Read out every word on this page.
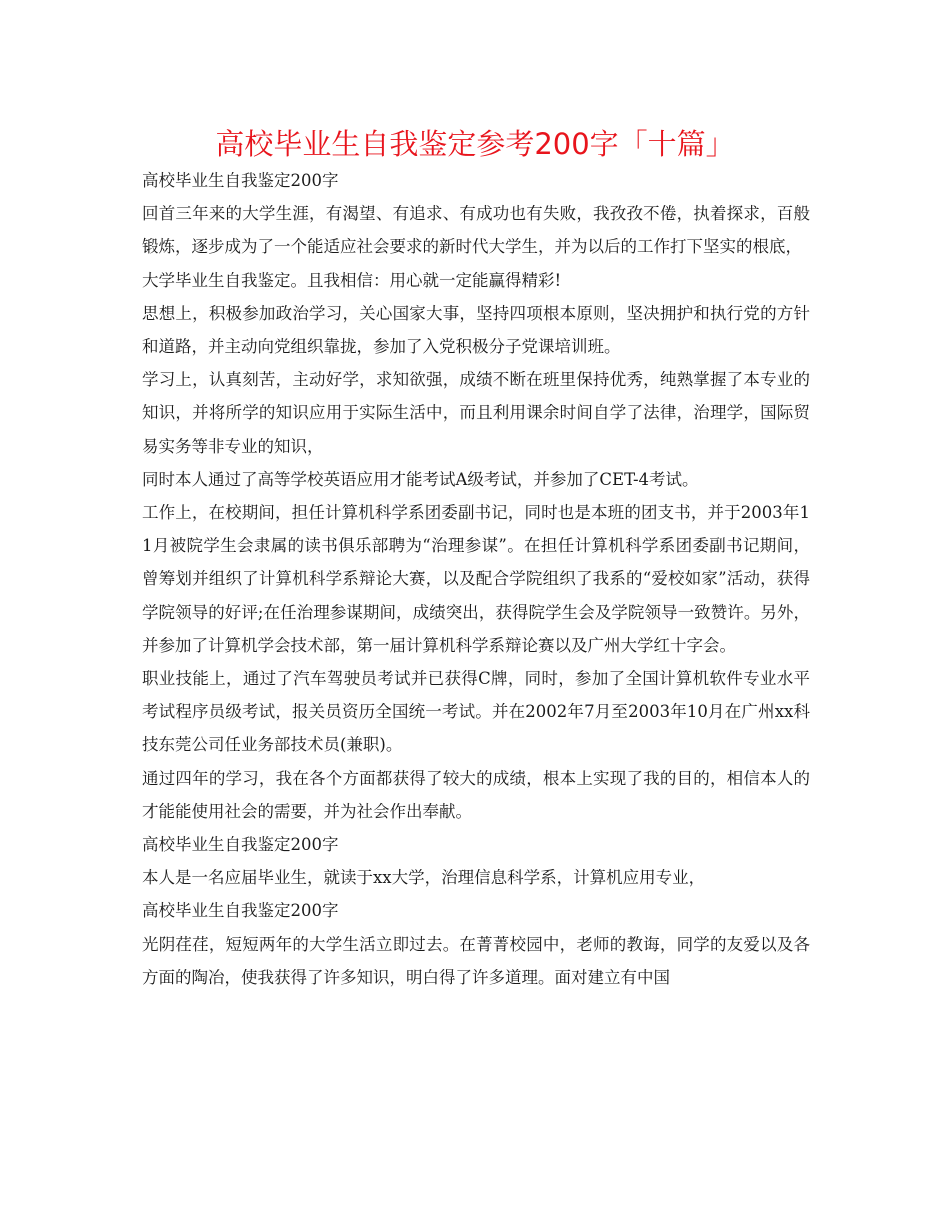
高校毕业生自我鉴定参考200字「十篇」

高校毕业生自我鉴定200字

回首三年来的大学生涯，有渴望、有追求、有成功也有失败，我孜孜不倦，执着探求，百般锻炼，逐步成为了一个能适应社会要求的新时代大学生，并为以后的工作打下坚实的根底，

大学毕业生自我鉴定。且我相信：用心就一定能赢得精彩!

思想上，积极参加政治学习，关心国家大事，坚持四项根本原则，坚决拥护和执行党的方针和道路，并主动向党组织靠拢，参加了入党积极分子党课培训班。

学习上，认真刻苦，主动好学，求知欲强，成绩不断在班里保持优秀，纯熟掌握了本专业的知识，并将所学的知识应用于实际生活中，而且利用课余时间自学了法律，治理学，国际贸易实务等非专业的知识，

同时本人通过了高等学校英语应用才能考试A级考试，并参加了CET-4考试。

工作上，在校期间，担任计算机科学系团委副书记，同时也是本班的团支书，并于2003年11月被院学生会隶属的读书俱乐部聘为“治理参谋”。在担任计算机科学系团委副书记期间，曾筹划并组织了计算机科学系辩论大赛，以及配合学院组织了我系的“爱校如家”活动，获得学院领导的好评;在任治理参谋期间，成绩突出，获得院学生会及学院领导一致赞许。另外，并参加了计算机学会技术部，第一届计算机科学系辩论赛以及广州大学红十字会。

职业技能上，通过了汽车驾驶员考试并已获得C牌，同时，参加了全国计算机软件专业水平考试程序员级考试，报关员资历全国统一考试。并在2002年7月至2003年10月在广州xx科技东莞公司任业务部技术员(兼职)。

通过四年的学习，我在各个方面都获得了较大的成绩，根本上实现了我的目的，相信本人的才能能使用社会的需要，并为社会作出奉献。

高校毕业生自我鉴定200字

本人是一名应届毕业生，就读于xx大学，治理信息科学系，计算机应用专业，

高校毕业生自我鉴定200字

光阴荏荏，短短两年的大学生活立即过去。在菁菁校园中，老师的教诲，同学的友爱以及各方面的陶冶，使我获得了许多知识，明白得了许多道理。面对建立有中国
